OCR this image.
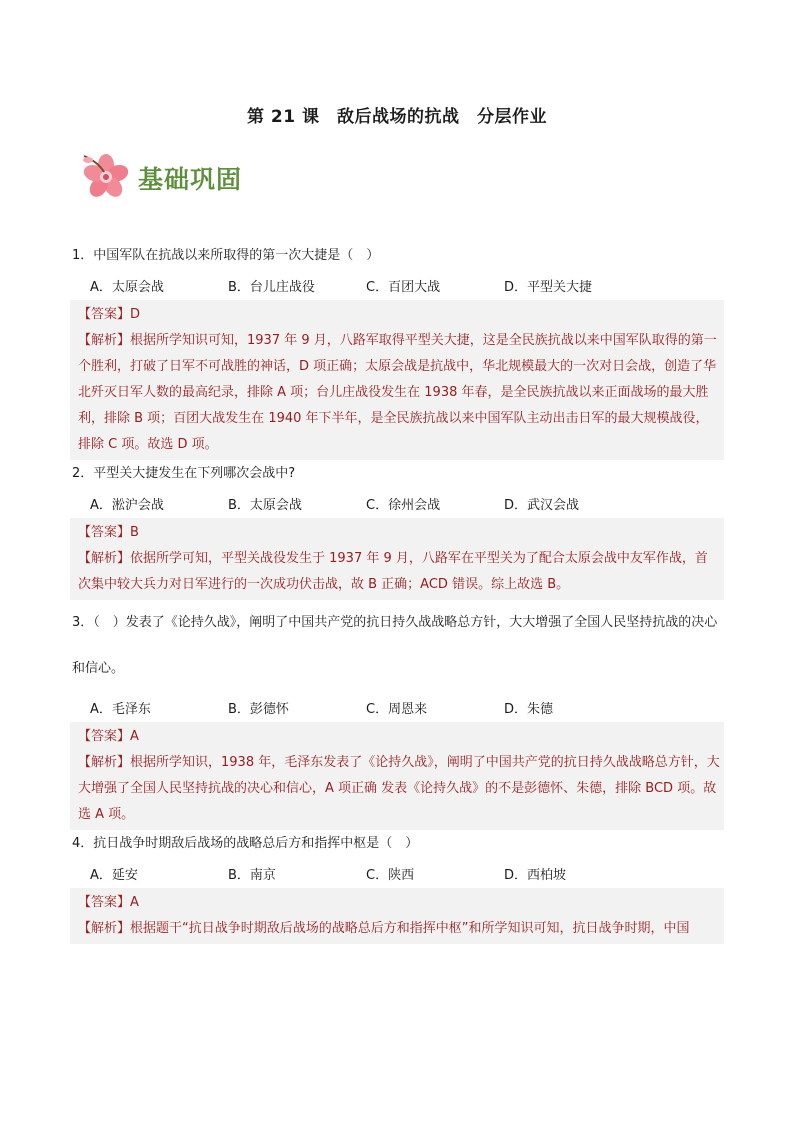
第 21 课　敌后战场的抗战　分层作业
基础巩固
1．中国军队在抗战以来所取得的第一次大捷是（　）
A．太原会战	B．台儿庄战役	C．百团大战	D．平型关大捷

【答案】D

【解析】根据所学知识可知，1937 年 9 月，八路军取得平型关大捷，这是全民族抗战以来中国军队取得的第一个胜利，打破了日军不可战胜的神话，D 项正确；太原会战是抗战中，华北规模最大的一次对日会战，创造了华北歼灭日军人数的最高纪录，排除 A 项；台儿庄战役发生在 1938 年春，是全民族抗战以来正面战场的最大胜利，排除 B 项；百团大战发生在 1940 年下半年，是全民族抗战以来中国军队主动出击日军的最大规模战役，排除 C 项。故选 D 项。

2．平型关大捷发生在下列哪次会战中?
A．淞沪会战	B．太原会战	C．徐州会战	D．武汉会战

【答案】B

【解析】依据所学可知，平型关战役发生于 1937 年 9 月，八路军在平型关为了配合太原会战中友军作战，首次集中较大兵力对日军进行的一次成功伏击战，故 B 正确；ACD 错误。综上故选 B。

3．（　）发表了《论持久战》，阐明了中国共产党的抗日持久战战略总方针，大大增强了全国人民坚持抗战的决心和信心。
A．毛泽东	B．彭德怀	C．周恩来	D．朱德

【答案】A

【解析】根据所学知识，1938 年，毛泽东发表了《论持久战》，阐明了中国共产党的抗日持久战战略总方针，大大增强了全国人民坚持抗战的决心和信心，A 项正确 发表《论持久战》的不是彭德怀、朱德，排除 BCD 项。故选 A 项。

4．抗日战争时期敌后战场的战略总后方和指挥中枢是（　）
A．延安	B．南京	C．陕西	D．西柏坡

【答案】A

【解析】根据题干“抗日战争时期敌后战场的战略总后方和指挥中枢”和所学知识可知，抗日战争时期，中国
